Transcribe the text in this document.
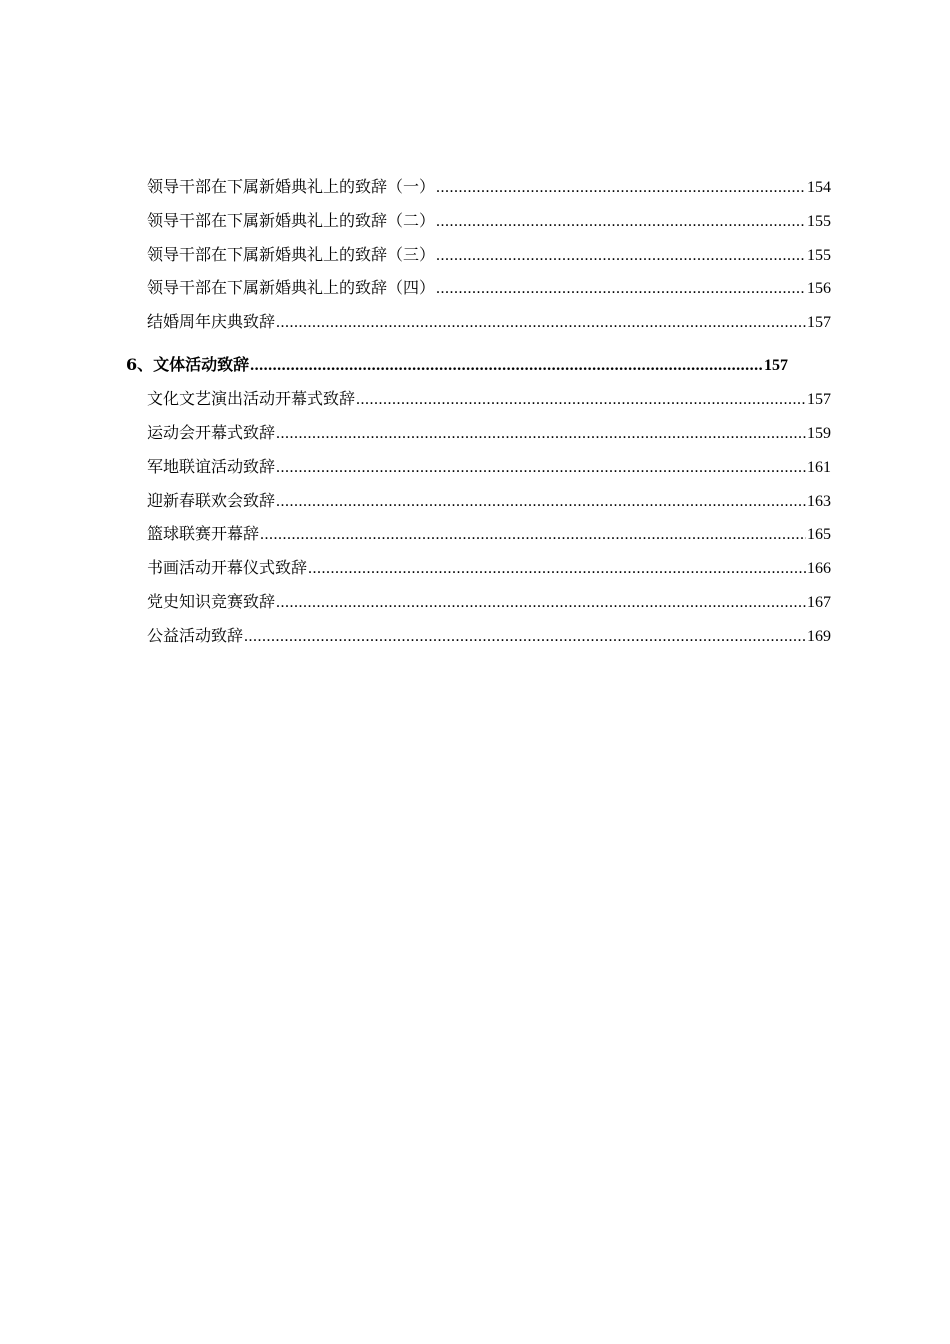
领导干部在下属新婚典礼上的致辞（一） .....	154
领导干部在下属新婚典礼上的致辞（二） .....	155
领导干部在下属新婚典礼上的致辞（三） .....	155
领导干部在下属新婚典礼上的致辞（四） .....	156
结婚周年庆典致辞 .....	157
6、文体活动致辞 .....	157
文化文艺演出活动开幕式致辞 .....	157
运动会开幕式致辞 .....	159
军地联谊活动致辞 .....	161
迎新春联欢会致辞 .....	163
篮球联赛开幕辞 .....	165
书画活动开幕仪式致辞 .....	166
党史知识竞赛致辞 .....	167
公益活动致辞 .....	169
